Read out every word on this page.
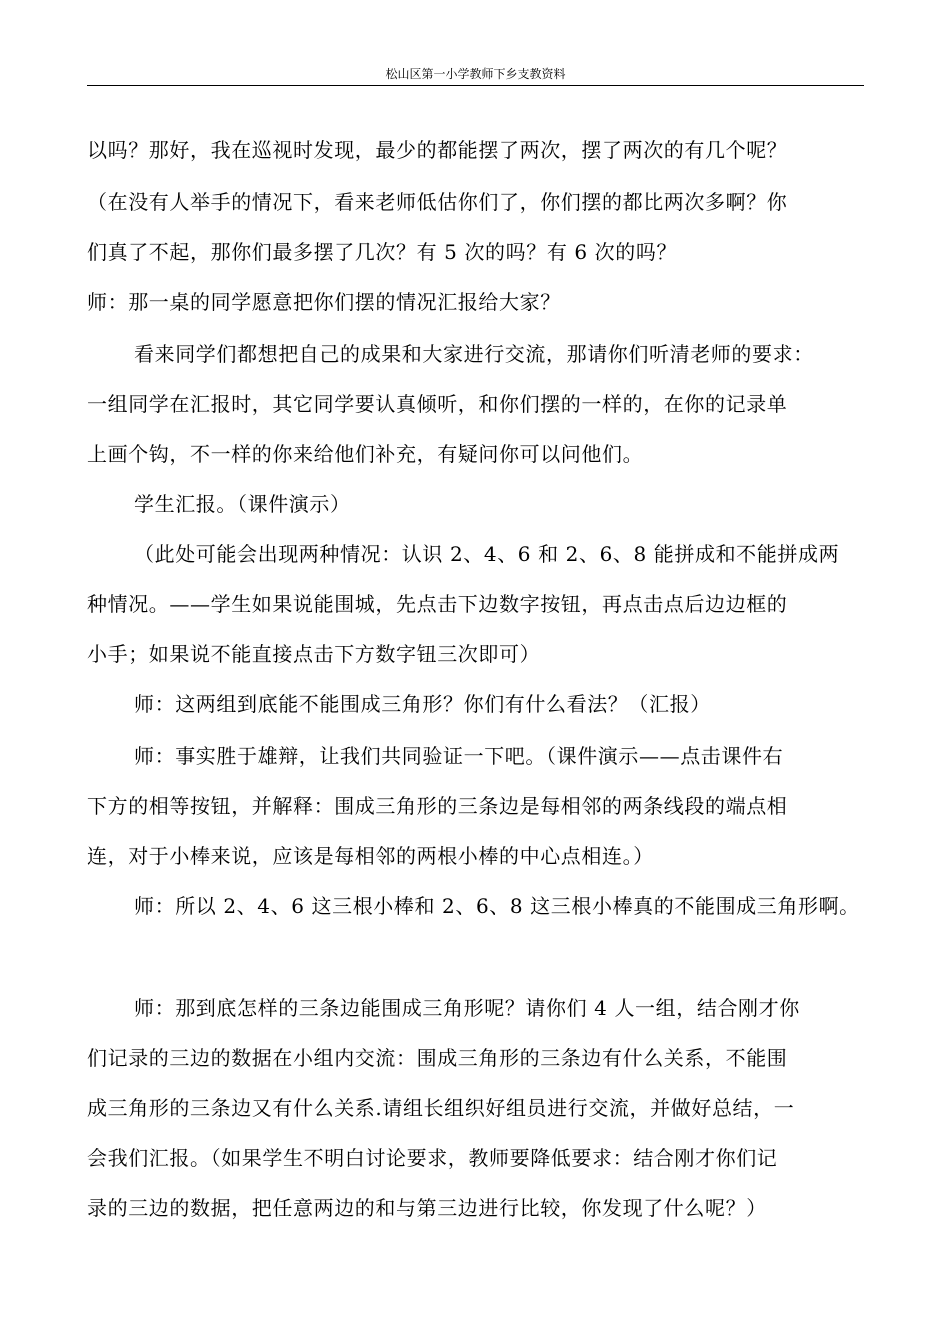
松山区第一小学教师下乡支教资料
以吗？那好，我在巡视时发现，最少的都能摆了两次，摆了两次的有几个呢？
（在没有人举手的情况下，看来老师低估你们了，你们摆的都比两次多啊？你
们真了不起，那你们最多摆了几次？有 5 次的吗？有 6 次的吗？
师：那一桌的同学愿意把你们摆的情况汇报给大家？
看来同学们都想把自己的成果和大家进行交流，那请你们听清老师的要求：
一组同学在汇报时，其它同学要认真倾听，和你们摆的一样的，在你的记录单
上画个钩，不一样的你来给他们补充，有疑问你可以问他们。
学生汇报。（课件演示）
（此处可能会出现两种情况：认识 2、4、6 和 2、6、8 能拼成和不能拼成两
种情况。——学生如果说能围城，先点击下边数字按钮，再点击点后边边框的
小手；如果说不能直接点击下方数字钮三次即可）
师：这两组到底能不能围成三角形？你们有什么看法？（汇报）
师：事实胜于雄辩，让我们共同验证一下吧。（课件演示——点击课件右
下方的相等按钮，并解释：围成三角形的三条边是每相邻的两条线段的端点相
连，对于小棒来说，应该是每相邻的两根小棒的中心点相连。）
师：所以 2、4、6 这三根小棒和 2、6、8 这三根小棒真的不能围成三角形啊。
师：那到底怎样的三条边能围成三角形呢？请你们 4 人一组，结合刚才你
们记录的三边的数据在小组内交流：围成三角形的三条边有什么关系，不能围
成三角形的三条边又有什么关系.请组长组织好组员进行交流，并做好总结，一
会我们汇报。（如果学生不明白讨论要求，教师要降低要求：结合刚才你们记
录的三边的数据，把任意两边的和与第三边进行比较，你发现了什么呢？）
